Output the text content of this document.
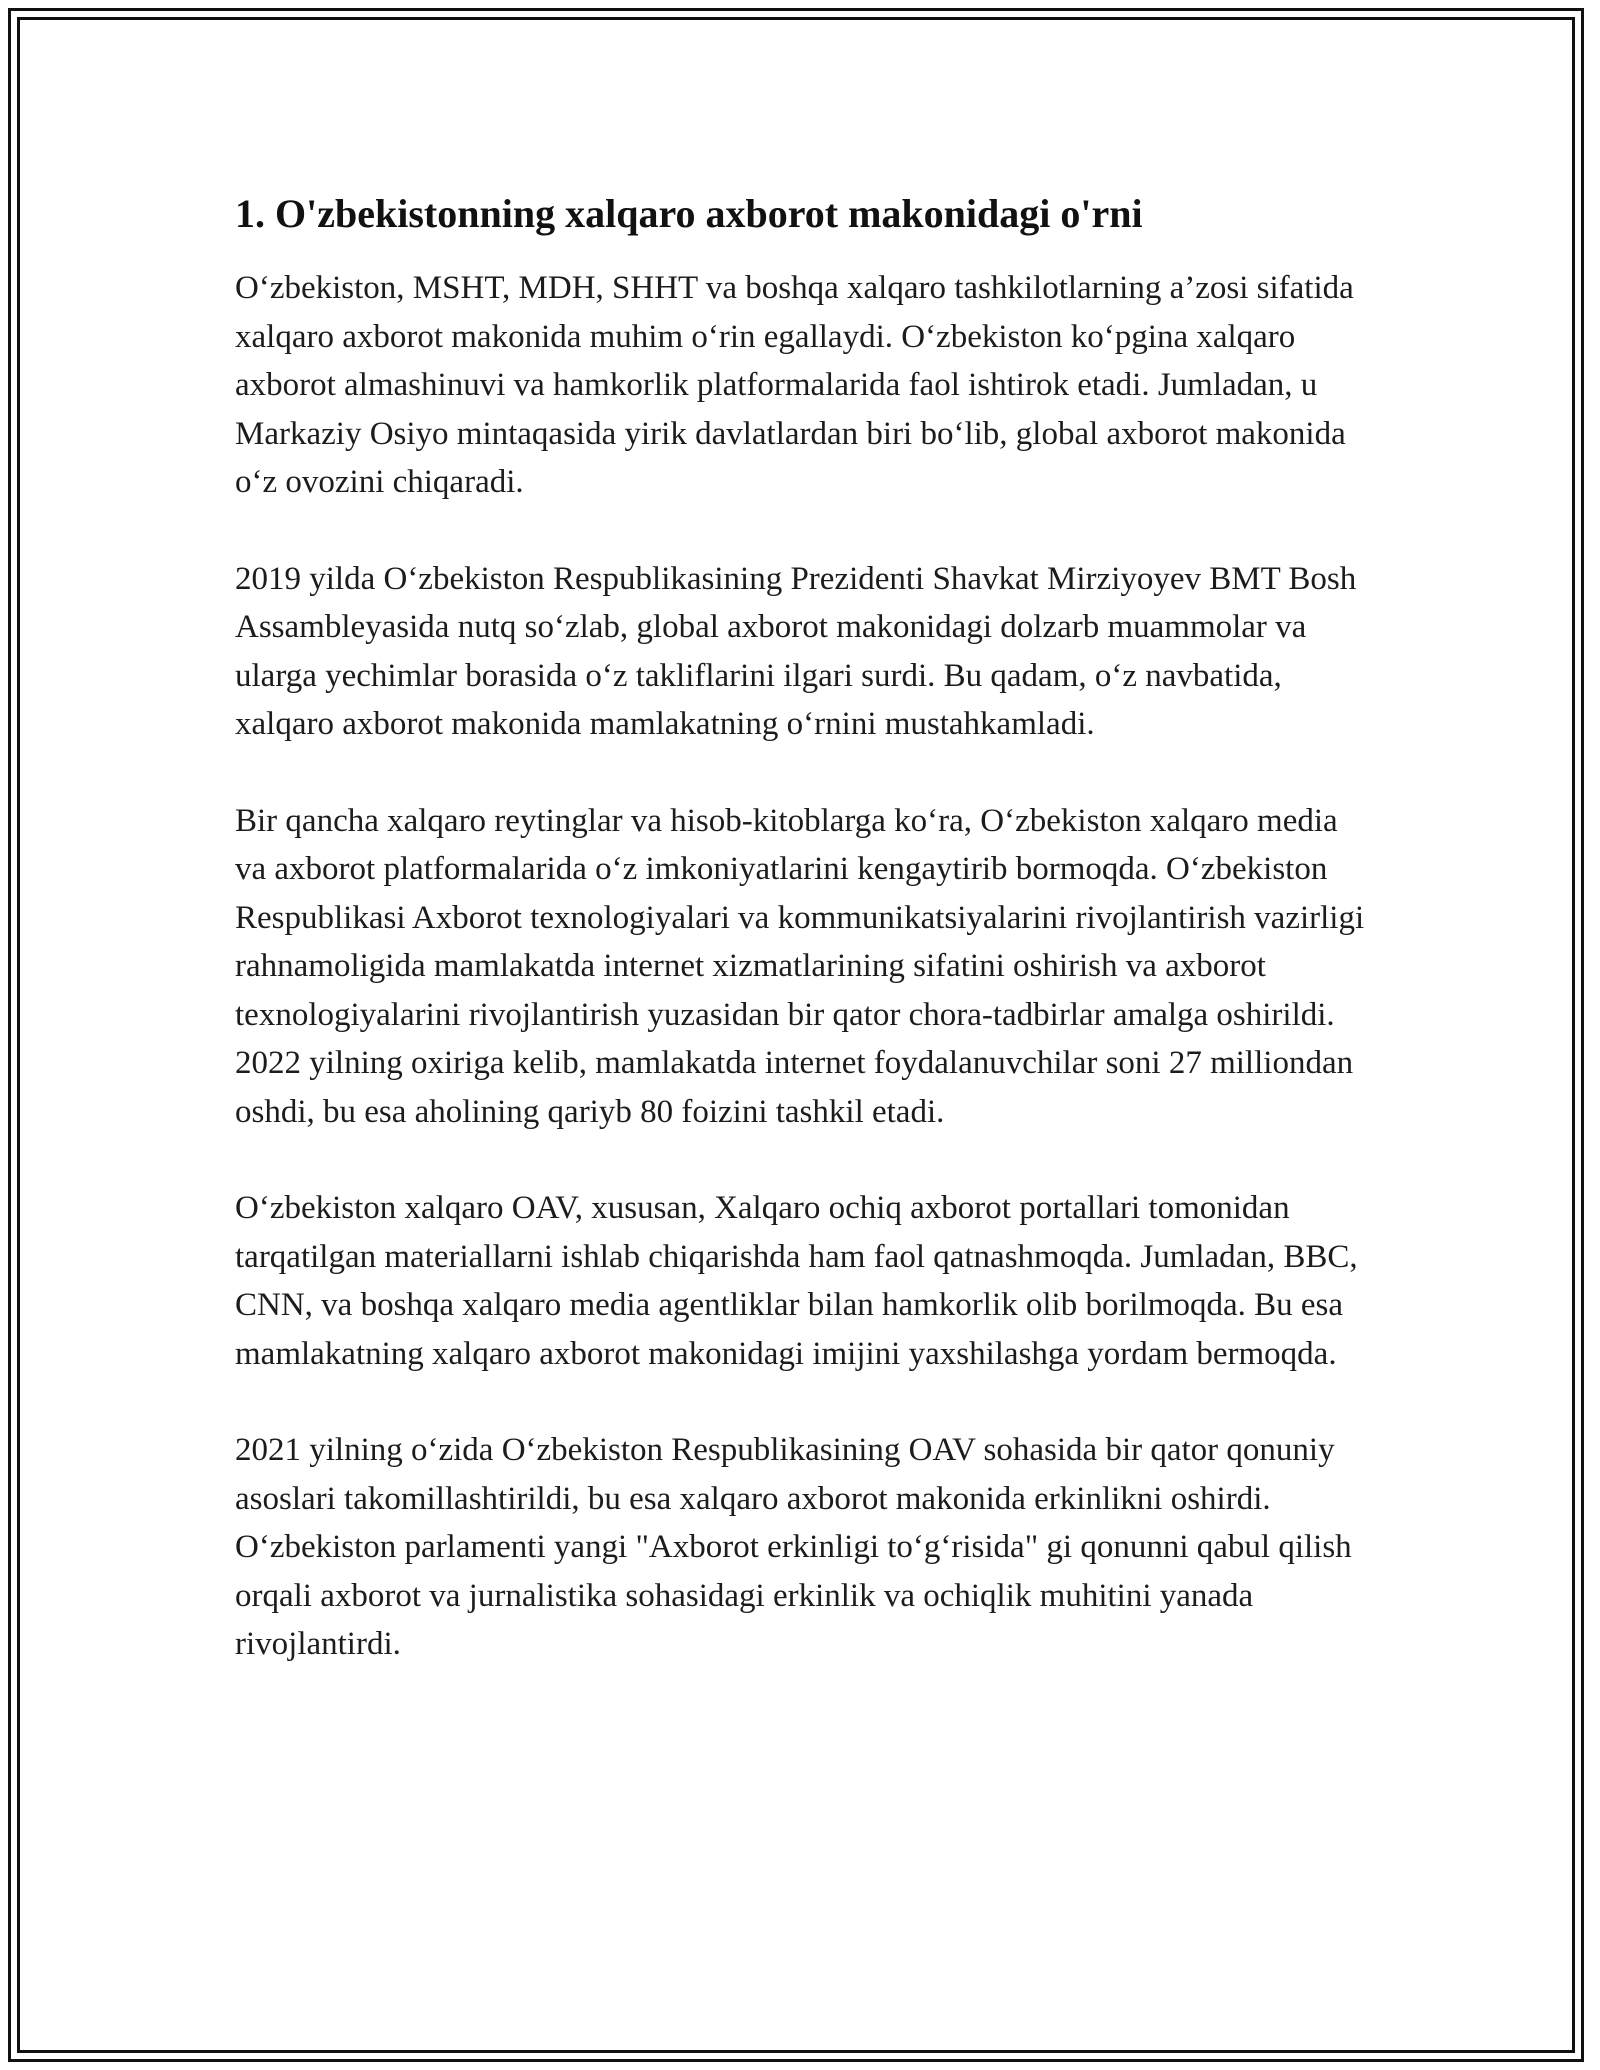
1. O'zbekistonning xalqaro axborot makonidagi o'rni

O‘zbekiston, MSHT, MDH, SHHT va boshqa xalqaro tashkilotlarning a’zosi sifatida xalqaro axborot makonida muhim o‘rin egallaydi. O‘zbekiston ko‘pgina xalqaro axborot almashinuvi va hamkorlik platformalarida faol ishtirok etadi. Jumladan, u Markaziy Osiyo mintaqasida yirik davlatlardan biri bo‘lib, global axborot makonida o‘z ovozini chiqaradi.

2019 yilda O‘zbekiston Respublikasining Prezidenti Shavkat Mirziyoyev BMT Bosh Assambleyasida nutq so‘zlab, global axborot makonidagi dolzarb muammolar va ularga yechimlar borasida o‘z takliflarini ilgari surdi. Bu qadam, o‘z navbatida, xalqaro axborot makonida mamlakatning o‘rnini mustahkamladi.

Bir qancha xalqaro reytinglar va hisob-kitoblarga ko‘ra, O‘zbekiston xalqaro media va axborot platformalarida o‘z imkoniyatlarini kengaytirib bormoqda. O‘zbekiston Respublikasi Axborot texnologiyalari va kommunikatsiyalarini rivojlantirish vazirligi rahnamoligida mamlakatda internet xizmatlarining sifatini oshirish va axborot texnologiyalarini rivojlantirish yuzasidan bir qator chora-tadbirlar amalga oshirildi. 2022 yilning oxiriga kelib, mamlakatda internet foydalanuvchilar soni 27 milliondan oshdi, bu esa aholining qariyb 80 foizini tashkil etadi.

O‘zbekiston xalqaro OAV, xususan, Xalqaro ochiq axborot portallari tomonidan tarqatilgan materiallarni ishlab chiqarishda ham faol qatnashmoqda. Jumladan, BBC, CNN, va boshqa xalqaro media agentliklar bilan hamkorlik olib borilmoqda. Bu esa mamlakatning xalqaro axborot makonidagi imijini yaxshilashga yordam bermoqda.

2021 yilning o‘zida O‘zbekiston Respublikasining OAV sohasida bir qator qonuniy asoslari takomillashtirildi, bu esa xalqaro axborot makonida erkinlikni oshirdi. O‘zbekiston parlamenti yangi "Axborot erkinligi to‘g‘risida" gi qonunni qabul qilish orqali axborot va jurnalistika sohasidagi erkinlik va ochiqlik muhitini yanada rivojlantirdi.
